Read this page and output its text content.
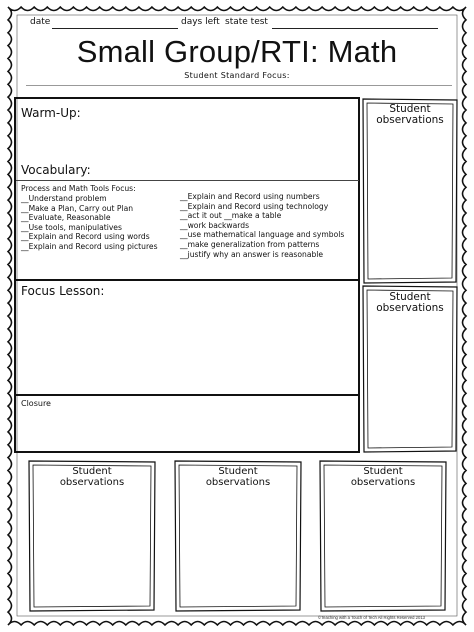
date	days left state test
Small Group/RTI: Math
Student Standard Focus:
Warm-Up:
Vocabulary:
Process and Math Tools Focus:
__Understand problem
__Make a Plan, Carry out Plan
__Evaluate, Reasonable
__Use tools, manipulatives
__Explain and Record using words
__Explain and Record using pictures
__Explain and Record using numbers
__Explain and Record using technology
__act it out __make a table
__work backwards
__use mathematical language and symbols
__make generalization from patterns
__justify why an answer is reasonable
Focus Lesson:
Closure
Student
observations
Student
observations
Student
observations
Student
observations
Student
observations
©Teaching with a Touch of Tech All Rights Reserved 2013
